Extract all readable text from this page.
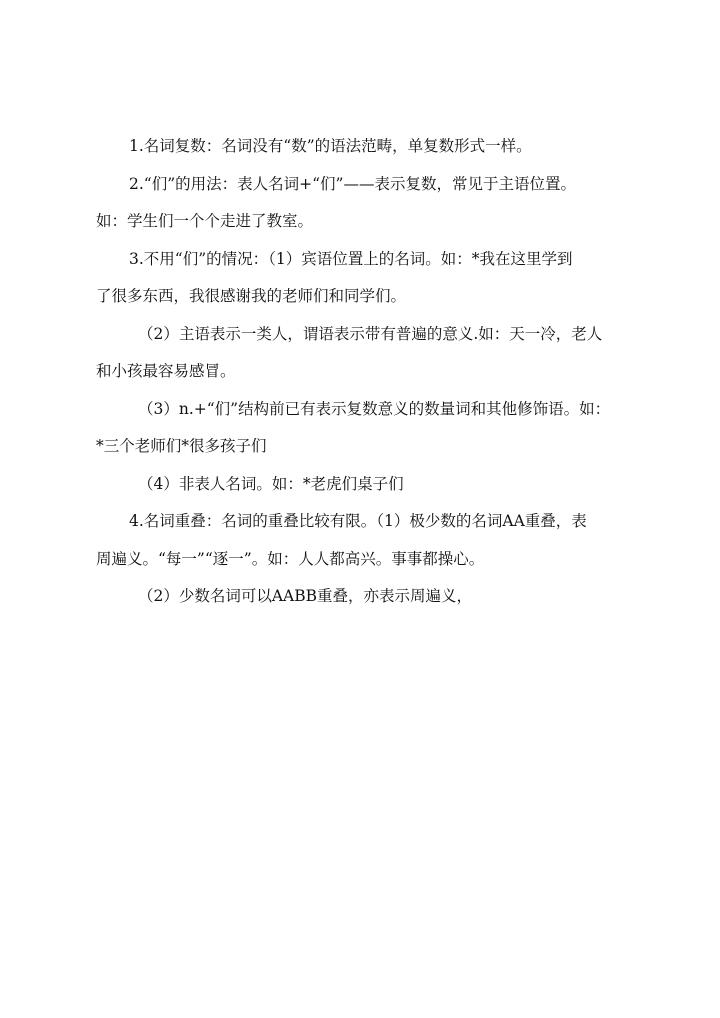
1.名词复数：名词没有“数”的语法范畴，单复数形式一样。
2.“们”的用法：表人名词+“们”——表示复数，常见于主语位置。
如：学生们一个个走进了教室。
3.不用“们”的情况：（1）宾语位置上的名词。如：*我在这里学到
了很多东西，我很感谢我的老师们和同学们。
（2）主语表示一类人，谓语表示带有普遍的意义.如：天一冷，老人
和小孩最容易感冒。
（3）n.+“们”结构前已有表示复数意义的数量词和其他修饰语。如：
*三个老师们*很多孩子们
（4）非表人名词。如：*老虎们桌子们
4.名词重叠：名词的重叠比较有限。（1）极少数的名词AA重叠，表
周遍义。“每一”“逐一”。如：人人都高兴。事事都操心。
（2）少数名词可以AABB重叠，亦表示周遍义，
